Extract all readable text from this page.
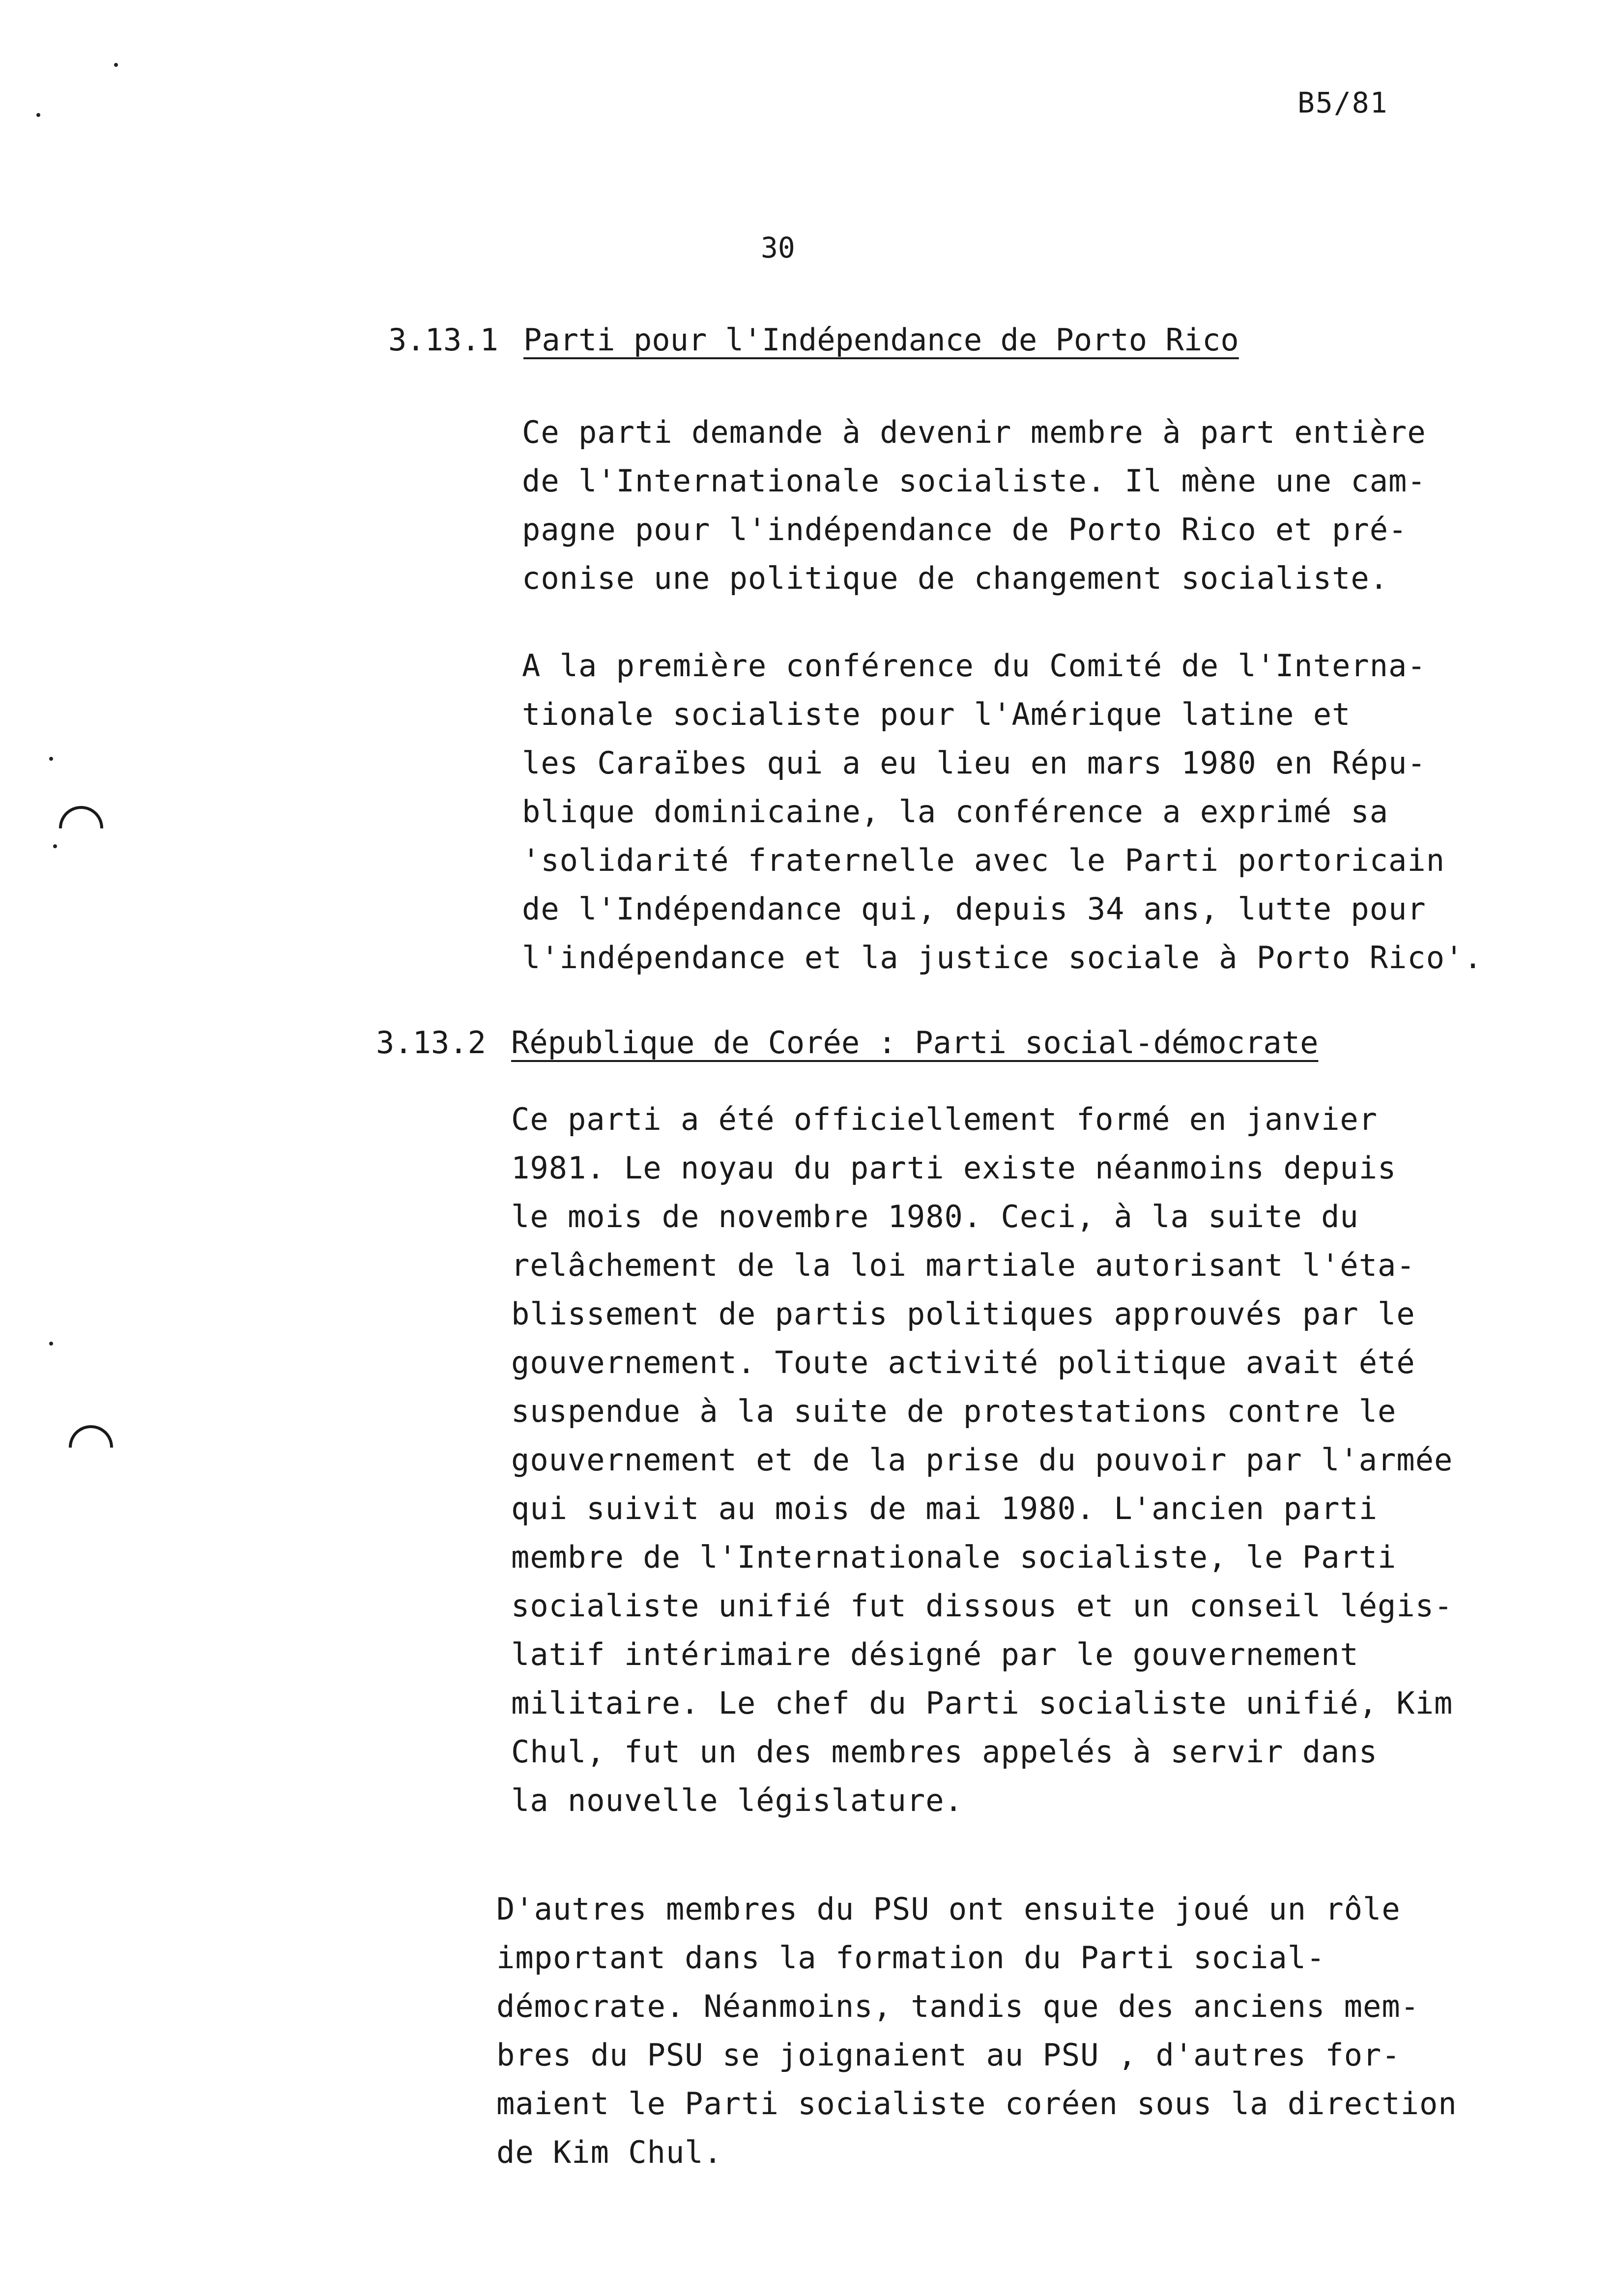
B5/81
30
3.13.1 Parti pour l'Indépendance de Porto Rico
Ce parti demande à devenir membre à part entière
de l'Internationale socialiste. Il mène une cam-
pagne pour l'indépendance de Porto Rico et pré-
conise une politique de changement socialiste.
A la première conférence du Comité de l'Interna-
tionale socialiste pour l'Amérique latine et
les Caraïbes qui a eu lieu en mars 1980 en Répu-
blique dominicaine, la conférence a exprimé sa
'solidarité fraternelle avec le Parti portoricain
de l'Indépendance qui, depuis 34 ans, lutte pour
l'indépendance et la justice sociale à Porto Rico'.
3.13.2 République de Corée : Parti social-démocrate
Ce parti a été officiellement formé en janvier
1981. Le noyau du parti existe néanmoins depuis
le mois de novembre 1980. Ceci, à la suite du
relâchement de la loi martiale autorisant l'éta-
blissement de partis politiques approuvés par le
gouvernement. Toute activité politique avait été
suspendue à la suite de protestations contre le
gouvernement et de la prise du pouvoir par l'armée
qui suivit au mois de mai 1980. L'ancien parti
membre de l'Internationale socialiste, le Parti
socialiste unifié fut dissous et un conseil légis-
latif intérimaire désigné par le gouvernement
militaire. Le chef du Parti socialiste unifié, Kim
Chul, fut un des membres appelés à servir dans
la nouvelle législature.
D'autres membres du PSU ont ensuite joué un rôle
important dans la formation du Parti social-
démocrate. Néanmoins, tandis que des anciens mem-
bres du PSU se joignaient au PSU , d'autres for-
maient le Parti socialiste coréen sous la direction
de Kim Chul.
